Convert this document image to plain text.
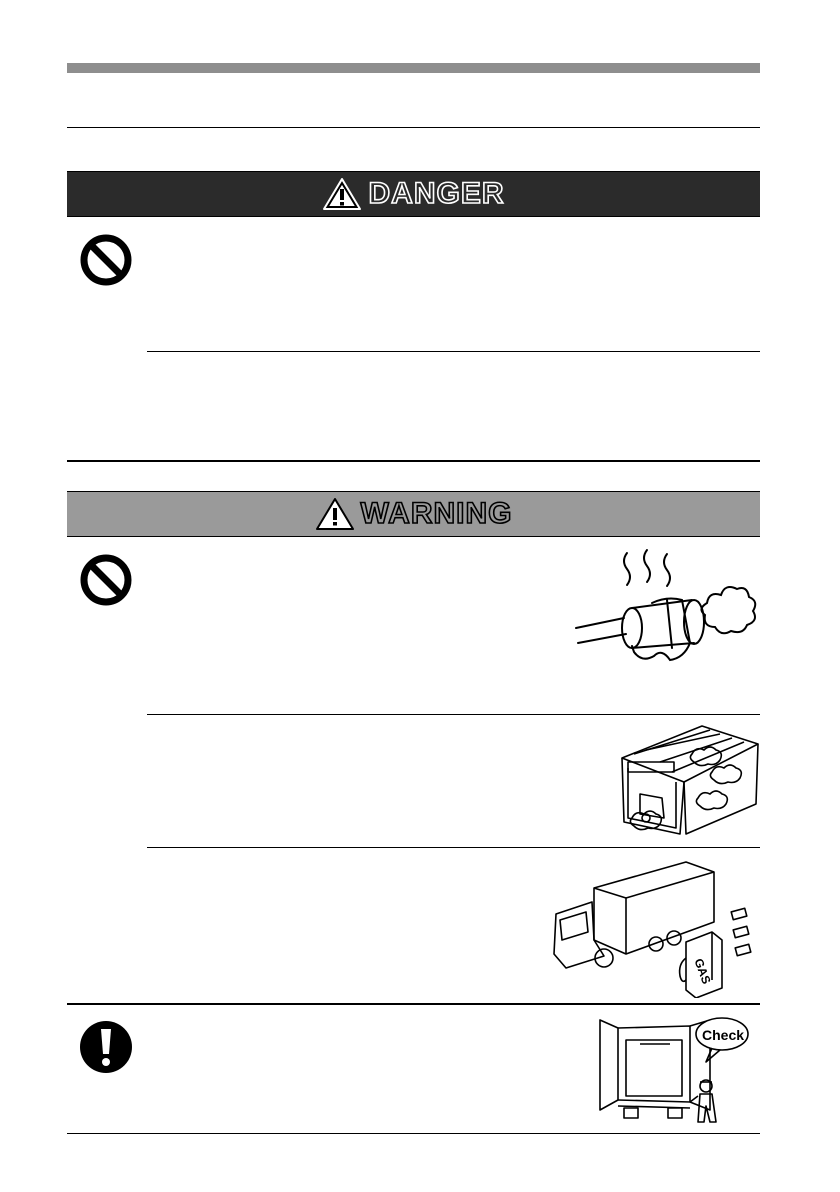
DANGER
WARNING
GAS
Check
